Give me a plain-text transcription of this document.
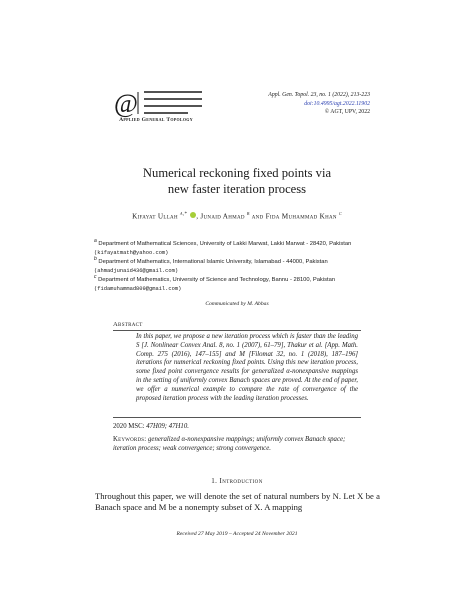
@
Applied General Topology
Appl. Gen. Topol. 23, no. 1 (2022), 213-223
doi:10.4995/agt.2022.11902
© AGT, UPV, 2022
Numerical reckoning fixed points via
new faster iteration process
Kifayat Ullah $^{a,*}$ , Junaid Ahmad $^b$ and Fida Muhammad Khan $^c$
$^a$ Department of Mathematical Sciences, University of Lakki Marwat, Lakki Marwat - 28420, Pakistan (kifayatmath@yahoo.com)
$^b$ Department of Mathematics, International Islamic University, Islamabad - 44000, Pakistan (ahmadjunaid436@gmail.com)
$^c$ Department of Mathematics, University of Science and Technology, Bannu - 28100, Pakistan (fidamuhammad809@gmail.com)
Communicated by M. Abbas
Abstract
In this paper, we propose a new iteration process which is faster than the leading S [J. Nonlinear Convex Anal. 8, no. 1 (2007), 61–79], Thakur et al. [App. Math. Comp. 275 (2016), 147–155] and M [Filomat 32, no. 1 (2018), 187–196] iterations for numerical reckoning fixed points. Using this new iteration process, some fixed point convergence results for generalized α-nonexpansive mappings in the setting of uniformly convex Banach spaces are proved. At the end of paper, we offer a numerical example to compare the rate of convergence of the proposed iteration process with the leading iteration processes.
2020 MSC: 47H09; 47H10.
Keywords: generalized α-nonexpansive mappings; uniformly convex Banach space; iteration process; weak convergence; strong convergence.
1. Introduction
Throughout this paper, we will denote the set of natural numbers by N. Let X be a Banach space and M be a nonempty subset of X. A mapping
Received 27 May 2019 – Accepted 24 November 2021
